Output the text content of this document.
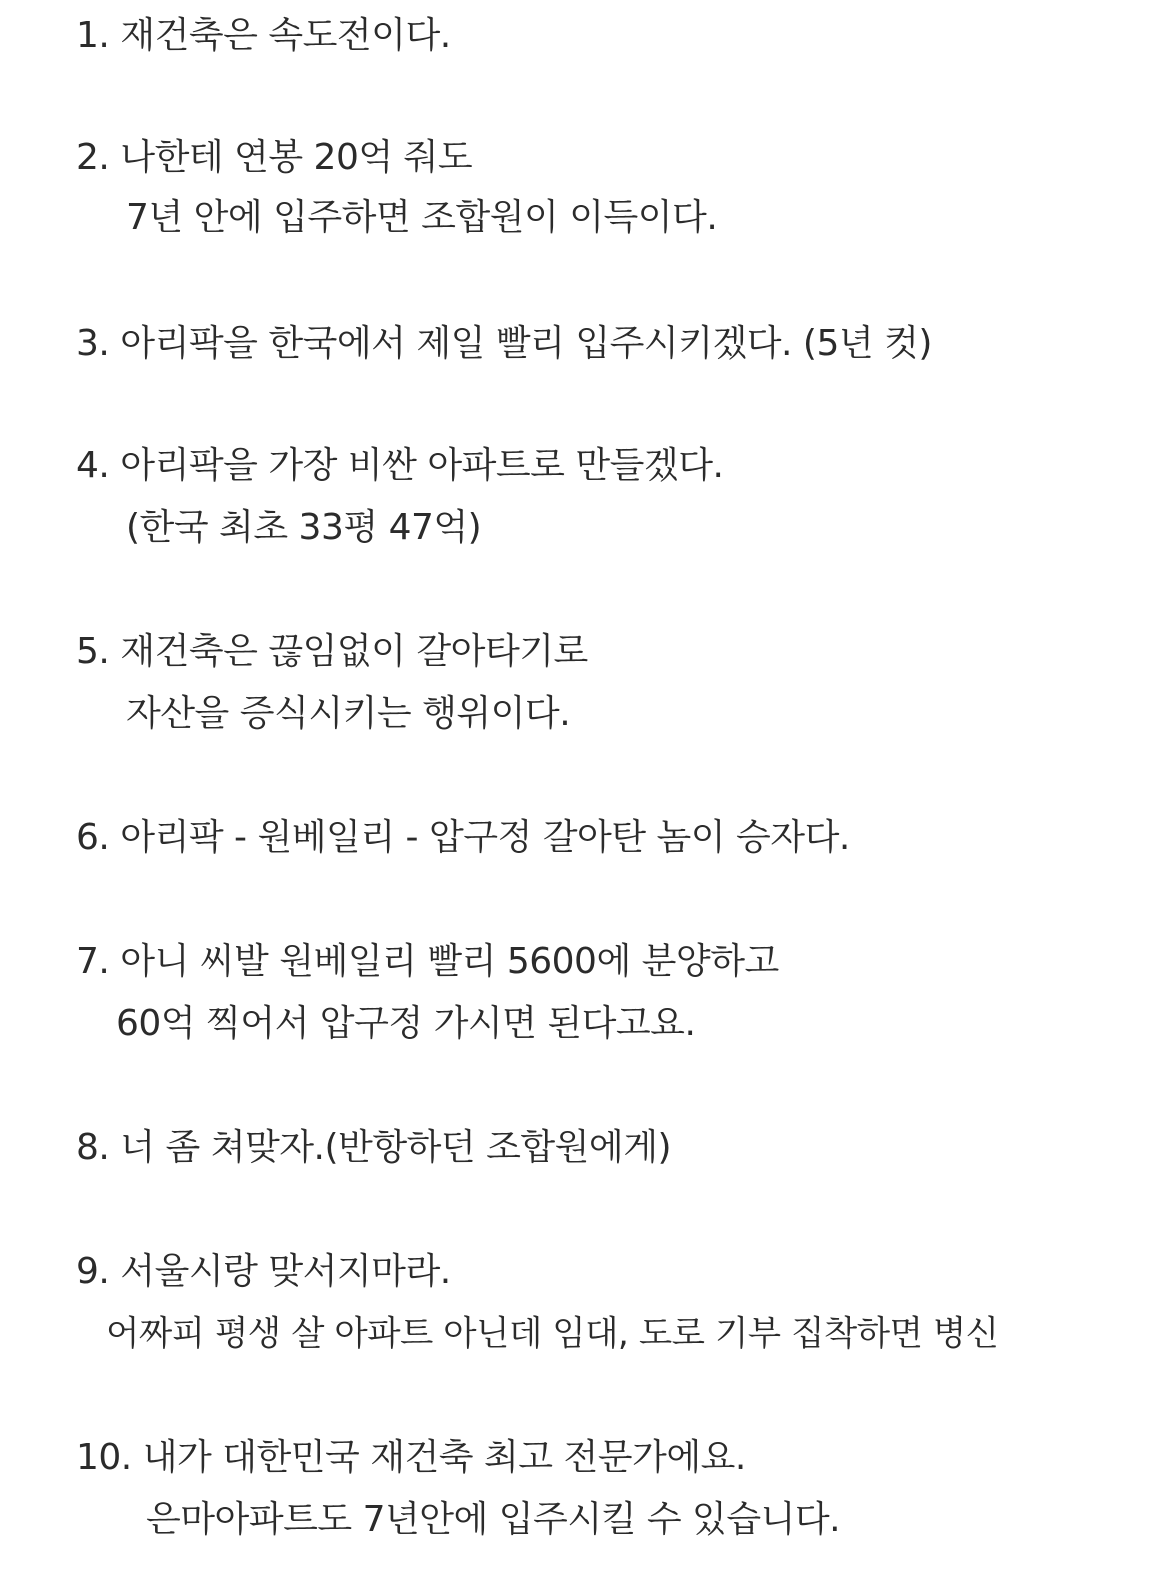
1. 재건축은 속도전이다.
2. 나한테 연봉 20억 줘도
7년 안에 입주하면 조합원이 이득이다.
3. 아리팍을 한국에서 제일 빨리 입주시키겠다. (5년 컷)
4. 아리팍을 가장 비싼 아파트로 만들겠다.
(한국 최초 33평 47억)
5. 재건축은 끊임없이 갈아타기로
자산을 증식시키는 행위이다.
6. 아리팍 - 원베일리 - 압구정 갈아탄 놈이 승자다.
7. 아니 씨발 원베일리 빨리 5600에 분양하고
60억 찍어서 압구정 가시면 된다고요.
8. 너 좀 쳐맞자.(반항하던 조합원에게)
9. 서울시랑 맞서지마라.
어짜피 평생 살 아파트 아닌데 임대, 도로 기부 집착하면 병신
10. 내가 대한민국 재건축 최고 전문가에요.
은마아파트도 7년안에 입주시킬 수 있습니다.
